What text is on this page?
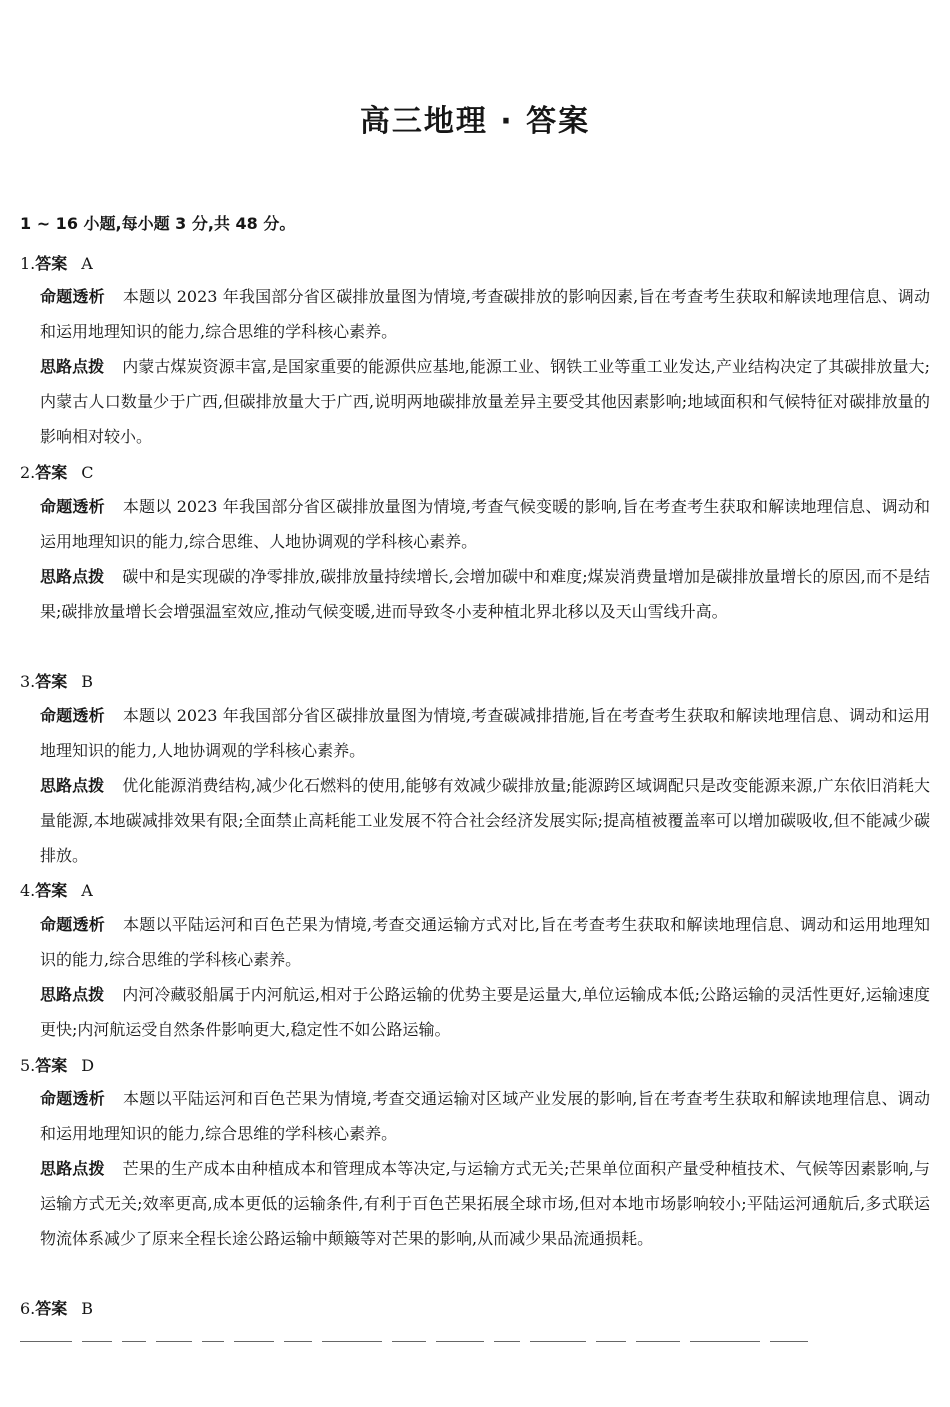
高三地理 · 答案
1 ~ 16 小题,每小题 3 分,共 48 分。
1.答案 A
命题透析 本题以 2023 年我国部分省区碳排放量图为情境,考查碳排放的影响因素,旨在考查考生获取和解读地理信息、调动和运用地理知识的能力,综合思维的学科核心素养。
思路点拨 内蒙古煤炭资源丰富,是国家重要的能源供应基地,能源工业、钢铁工业等重工业发达,产业结构决定了其碳排放量大;内蒙古人口数量少于广西,但碳排放量大于广西,说明两地碳排放量差异主要受其他因素影响;地域面积和气候特征对碳排放量的影响相对较小。
2.答案 C
命题透析 本题以 2023 年我国部分省区碳排放量图为情境,考查气候变暖的影响,旨在考查考生获取和解读地理信息、调动和运用地理知识的能力,综合思维、人地协调观的学科核心素养。
思路点拨 碳中和是实现碳的净零排放,碳排放量持续增长,会增加碳中和难度;煤炭消费量增加是碳排放量增长的原因,而不是结果;碳排放量增长会增强温室效应,推动气候变暖,进而导致冬小麦种植北界北移以及天山雪线升高。
3.答案 B
命题透析 本题以 2023 年我国部分省区碳排放量图为情境,考查碳减排措施,旨在考查考生获取和解读地理信息、调动和运用地理知识的能力,人地协调观的学科核心素养。
思路点拨 优化能源消费结构,减少化石燃料的使用,能够有效减少碳排放量;能源跨区域调配只是改变能源来源,广东依旧消耗大量能源,本地碳减排效果有限;全面禁止高耗能工业发展不符合社会经济发展实际;提高植被覆盖率可以增加碳吸收,但不能减少碳排放。
4.答案 A
命题透析 本题以平陆运河和百色芒果为情境,考查交通运输方式对比,旨在考查考生获取和解读地理信息、调动和运用地理知识的能力,综合思维的学科核心素养。
思路点拨 内河冷藏驳船属于内河航运,相对于公路运输的优势主要是运量大,单位运输成本低;公路运输的灵活性更好,运输速度更快;内河航运受自然条件影响更大,稳定性不如公路运输。
5.答案 D
命题透析 本题以平陆运河和百色芒果为情境,考查交通运输对区域产业发展的影响,旨在考查考生获取和解读地理信息、调动和运用地理知识的能力,综合思维的学科核心素养。
思路点拨 芒果的生产成本由种植成本和管理成本等决定,与运输方式无关;芒果单位面积产量受种植技术、气候等因素影响,与运输方式无关;效率更高,成本更低的运输条件,有利于百色芒果拓展全球市场,但对本地市场影响较小;平陆运河通航后,多式联运物流体系减少了原来全程长途公路运输中颠簸等对芒果的影响,从而减少果品流通损耗。
6.答案 B
